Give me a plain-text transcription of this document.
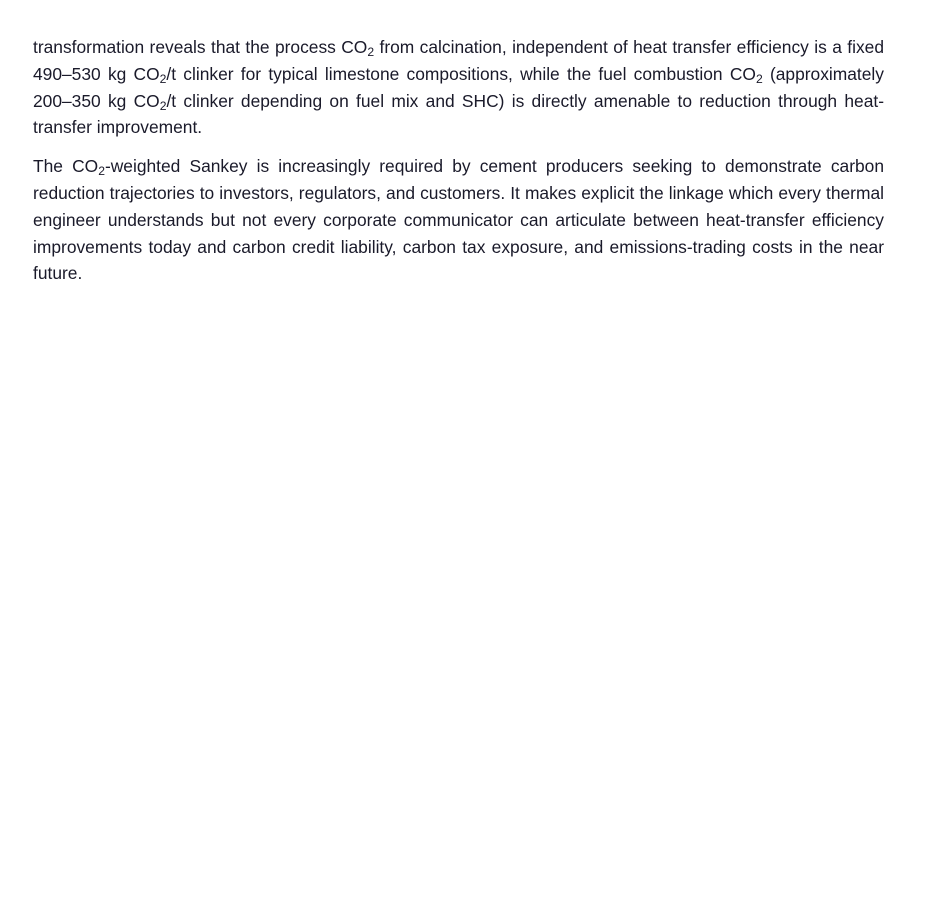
transformation reveals that the process $CO_2$ from calcination, independent of heat transfer efficiency is a fixed 490–530 kg $CO_2/t$ clinker for typical limestone compositions, while the fuel combustion $CO_2$ (approximately 200–350 kg $CO_2/t$ clinker depending on fuel mix and SHC) is directly amenable to reduction through heat-transfer improvement.

The $CO_2$-weighted Sankey is increasingly required by cement producers seeking to demonstrate carbon reduction trajectories to investors, regulators, and customers. It makes explicit the linkage which every thermal engineer understands but not every corporate communicator can articulate between heat-transfer efficiency improvements today and carbon credit liability, carbon tax exposure, and emissions-trading costs in the near future.
